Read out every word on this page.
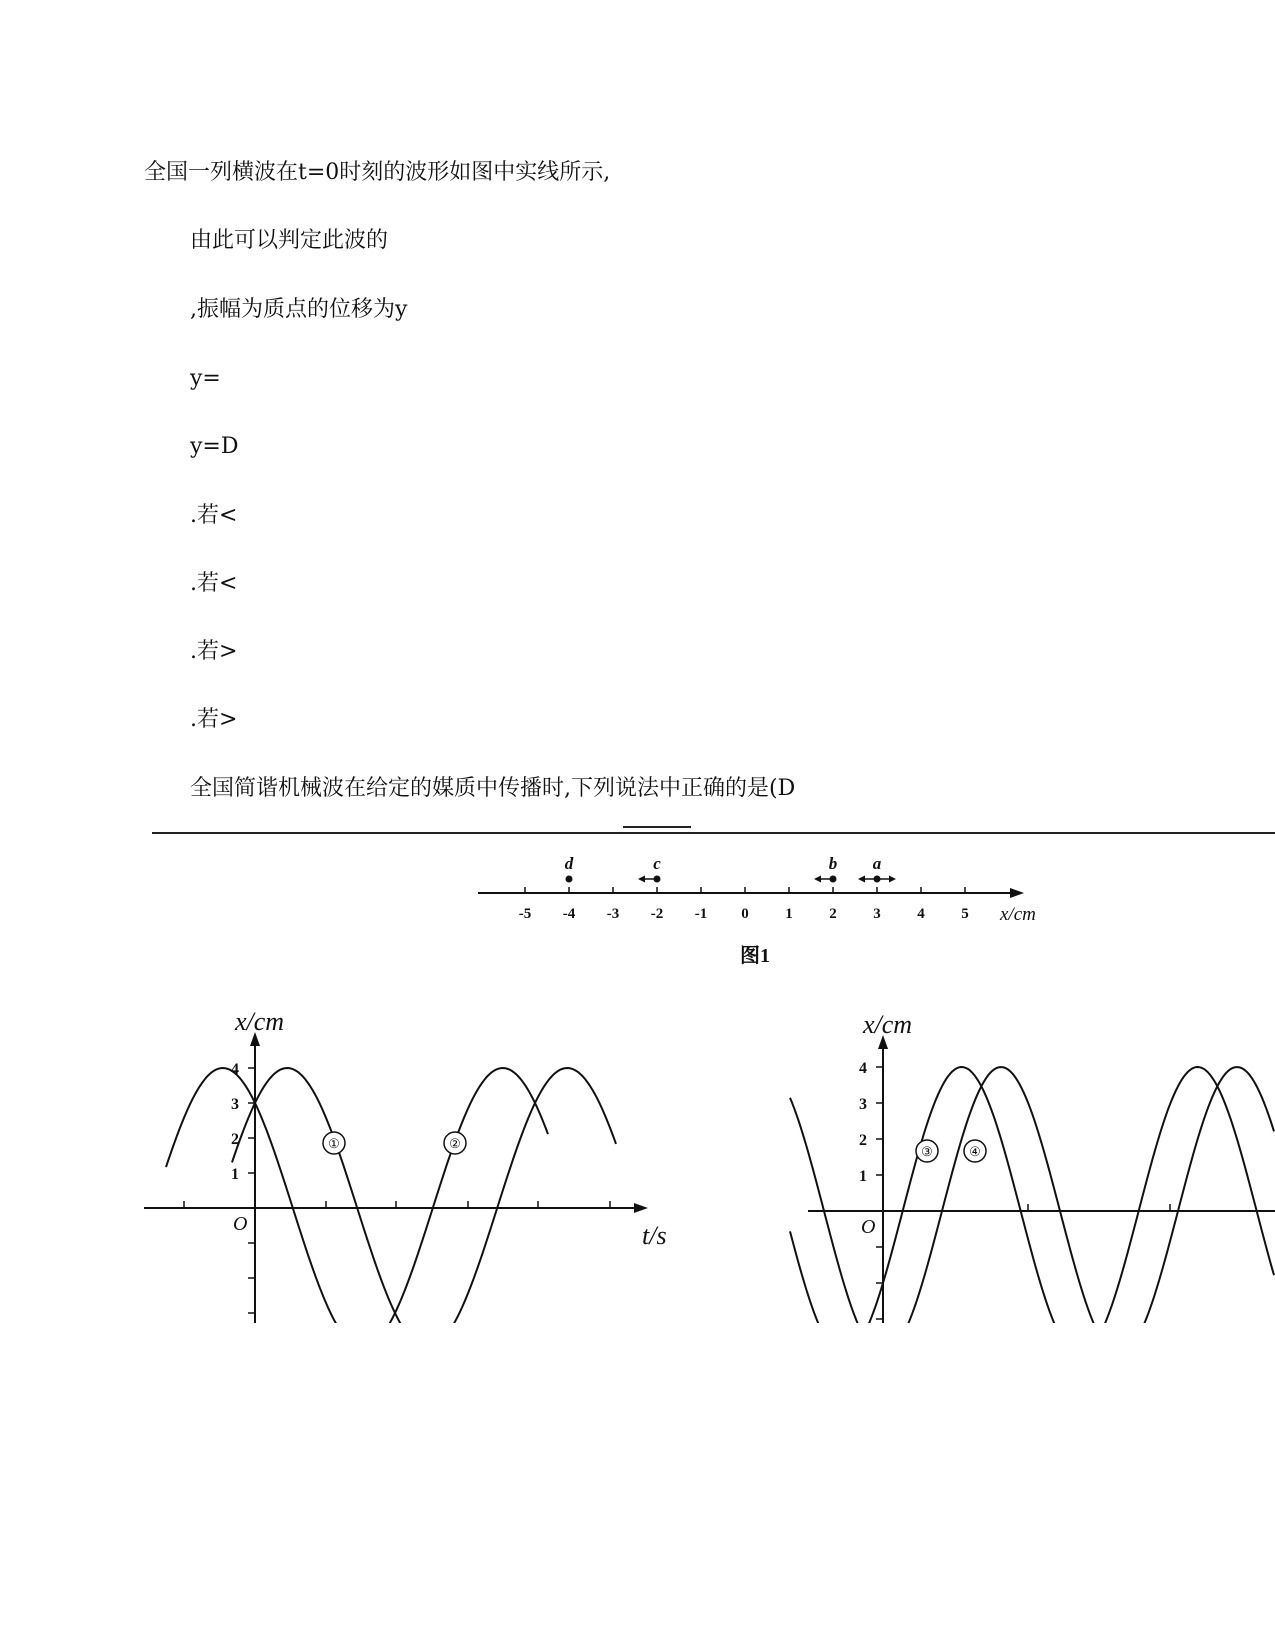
全国一列横波在t=0时刻的波形如图中实线所示,
由此可以判定此波的
,振幅为质点的位移为y
y=
y=D
.若<
.若<
.若>
.若>
全国简谐机械波在给定的媒质中传播时,下列说法中正确的是(D
-5 -4 -3 -2 -1 0 1 2 3 4 5 x/cm
d	c	b a
图1
1
2
3
4
O
x/cm
t/s
①	②
1
2
3
4
O
x/cm
③	④
